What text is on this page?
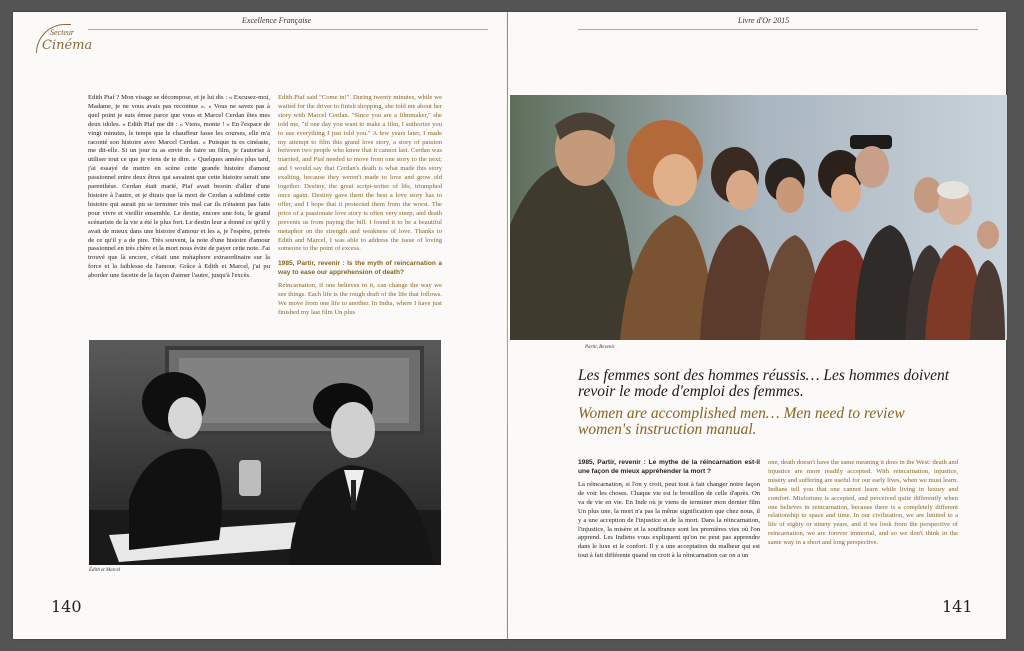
Secteur
Cinéma
Excellence Française

Edith Piaf ? Mon visage se décompose, et je lui dis : « Excusez-moi, Madame, je ne vous avais pas reconnue ». « Vous ne savez pas à quel point je suis émue parce que vous et Marcel Cerdan êtes mes deux idoles. » Edith Piaf me dit : « Viens, monte ! » En l'espace de vingt minutes, le temps que le chauffeur fasse les courses, elle m'a raconté son histoire avec Marcel Cerdan. « Puisque tu es cinéaste, me dit-elle. Si un jour tu as envie de faire un film, je t'autorise à utiliser tout ce que je viens de te dire. » Quelques années plus tard, j'ai essayé de mettre en scène cette grande histoire d'amour passionnel entre deux êtres qui savaient que cette histoire serait une parenthèse. Cerdan était marié, Piaf avait besoin d'aller d'une histoire à l'autre, et je dirais que la mort de Cerdan a sublimé cette histoire qui aurait pu se terminer très mal car ils n'étaient pas faits pour vivre et vieillir ensemble. Le destin, encore une fois, le grand scénariste de la vie a été le plus fort. Le destin leur a donné ce qu'il y avait de mieux dans une histoire d'amour et les a, je l'espère, privés de ce qu'il y a de pire. Très souvent, la note d'une histoire d'amour passionnel en très chère et la mort nous évite de payer cette note. J'ai trouvé que là encore, c'était une métaphore extraordinaire sur la force et la faiblesse de l'amour. Grâce à Edith et Marcel, j'ai pu aborder une facette de la façon d'aimer l'autre, jusqu'à l'excès.

Edith Piaf said "Come in!". During twenty minutes, while we waited for the driver to finish shopping, she told me about her story with Marcel Cerdan. "Since you are a filmmaker," she told me, "if one day you want to make a film, I authorize you to use everything I just told you." A few years later, I made my attempt to film this grand love story, a story of passion between two people who knew that it cannot last. Cerdan was married, and Piaf needed to move from one story to the next; and I would say that Cerdan's death is what made this story exalting, because they weren't made to love and grow old together. Destiny, the great script-writer of life, triumphed once again. Destiny gave them the best a love story has to offer, and I hope that it protected them from the worst. The price of a passionate love story is often very steep, and death prevents us from paying the bill. I found it to be a beautiful metaphor on the strength and weakness of love. Thanks to Edith and Marcel, I was able to address the issue of loving someone to the point of excess.

1985, Partir, revenir : Is the myth of reincarnation a way to ease our apprehension of death?

Reincarnation, if one believes in it, can change the way we see things. Each life is the rough draft of the life that follows. We move from one life to another. In India, where I have just finished my last film Un plus

Édith et Marcel
140
Livre d'Or 2015
Partir, Revenir
Les femmes sont des hommes réussis… Les hommes doivent revoir le mode d'emploi des femmes.
Women are accomplished men… Men need to review women's instruction manual.
1985, Partir, revenir : Le mythe de la réincarnation est-il une façon de mieux appréhender la mort ?

La réincarnation, si l'on y croit, peut tout à fait changer notre façon de voir les choses. Chaque vie est le brouillon de celle d'après. On va de vie en vie. En Inde où je viens de terminer mon dernier film Un plus une, la mort n'a pas la même signification que chez nous, il y a une acception de l'injustice et de la mort. Dans la réincarnation, l'injustice, la misère et la souffrance sont les premières vies où l'on apprend. Les Indiens vous expliquent qu'on ne peut pas apprendre dans le luxe et le confort. Il y a une acceptation du malheur qui est tout à fait différente quand on croit à la réincarnation car on a un

one, death doesn't have the same meaning it does in the West: death and injustice are more readily accepted. With reincarnation, injustice, misery and suffering are useful for our early lives, when we must learn. Indians tell you that one cannot learn while living in luxury and comfort. Misfortune is accepted, and perceived quite differently when one believes in reincarnation, because there is a completely different relationship to space and time. In our civilization, we are limited to a life of eighty or ninety years, and if we look from the perspective of reincarnation, we are forever immortal, and so we don't think in the same way in a short and long perspective.

141
